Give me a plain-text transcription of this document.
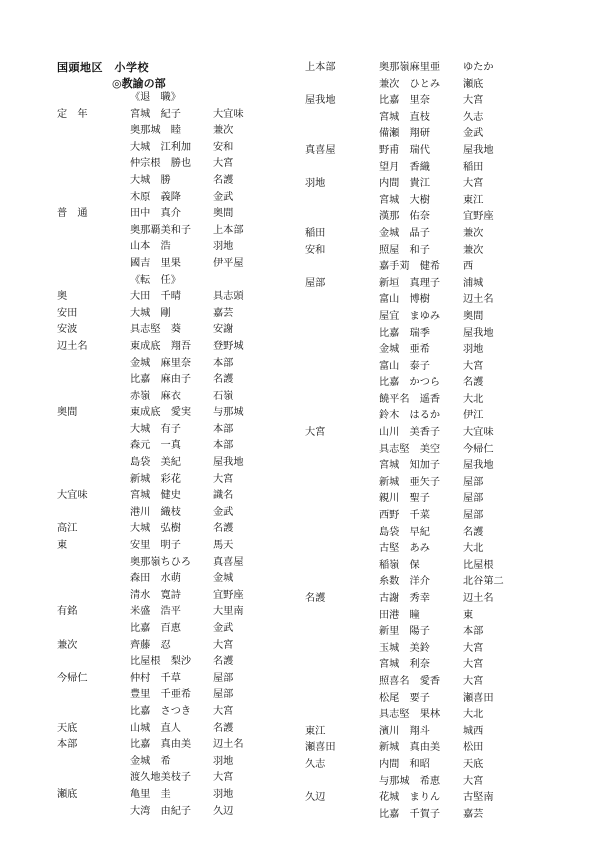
国頭地区　小学校
◎教諭の部
《退　職》
定　年	宮城　紀子	大宜味
奥那城　睦	兼次
大城　江利加	安和
仲宗根　勝也	大宮
大城　勝	名護
木原　義降	金武
普　通	田中　真介	奥間
奥那覇美和子	上本部
山本　浩	羽地
國吉　里果	伊平屋
《転　任》
奥	大田　千晴	具志頭
安田	大城　剛	嘉芸
安波	具志堅　葵	安謝
辺土名	東成底　翔吾	登野城
金城　麻里奈	本部
比嘉　麻由子	名護
赤嶺　麻衣	石嶺
奥間	東成底　愛実	与那城
大城　有子	本部
森元　一真	本部
島袋　美紀	屋我地
新城　彩花	大宮
大宜味	宮城　健史	識名
港川　織枝	金武
高江	大城　弘樹	名護
東	安里　明子	馬天
奥那嶺ちひろ	真喜屋
森田　水萌	金城
清水　寛詩	宜野座
有銘	米盛　浩平	大里南
比嘉　百恵	金武
兼次	齊藤　忍	大宮
比屋根　梨沙	名護
今帰仁	仲村　千草	屋部
豊里　千亜希	屋部
比嘉　さつき	大宮
天底	山城　直人	名護
本部	比嘉　真由美	辺土名
金城　希	羽地
渡久地美枝子	大宮
瀬底	亀里　圭	羽地
大湾　由紀子	久辺
上本部	奥那嶺麻里亜	ゆたか
兼次　ひとみ	瀬底
屋我地	比嘉　里奈	大宮
宮城　直枝	久志
備瀬　翔研	金武
真喜屋	野甫　瑞代	屋我地
望月　香織	稲田
羽地	内間　貴江	大宮
宮城　大樹	東江
漢那　佑奈	宜野座
稲田	金城　晶子	兼次
安和	照屋　和子	兼次
嘉手苅　健希	西
屋部	新垣　真理子	浦城
富山　博樹	辺土名
屋宜　まゆみ	奥間
比嘉　瑞季	屋我地
金城　亜希	羽地
富山　泰子	大宮
比嘉　かつら	名護
饒平名　遥香	大北
鈴木　はるか	伊江
大宮	山川　美香子	大宜味
具志堅　美空	今帰仁
宮城　知加子	屋我地
新城　亜矢子	屋部
親川　聖子	屋部
西野　千菜	屋部
島袋　早紀	名護
古堅　あみ	大北
稲嶺　保	比屋根
糸数　洋介	北谷第二
名護	古謝　秀幸	辺土名
田港　瞳	東
新里　陽子	本部
玉城　美鈴	大宮
宮城　利奈	大宮
照喜名　愛香	大宮
松尾　要子	瀬喜田
具志堅　果林	大北
東江	濱川　翔斗	城西
瀬喜田	新城　真由美	松田
久志	内間　和昭	天底
与那城　希恵	大宮
久辺	花城　まりん	古堅南
比嘉　千賀子	嘉芸
